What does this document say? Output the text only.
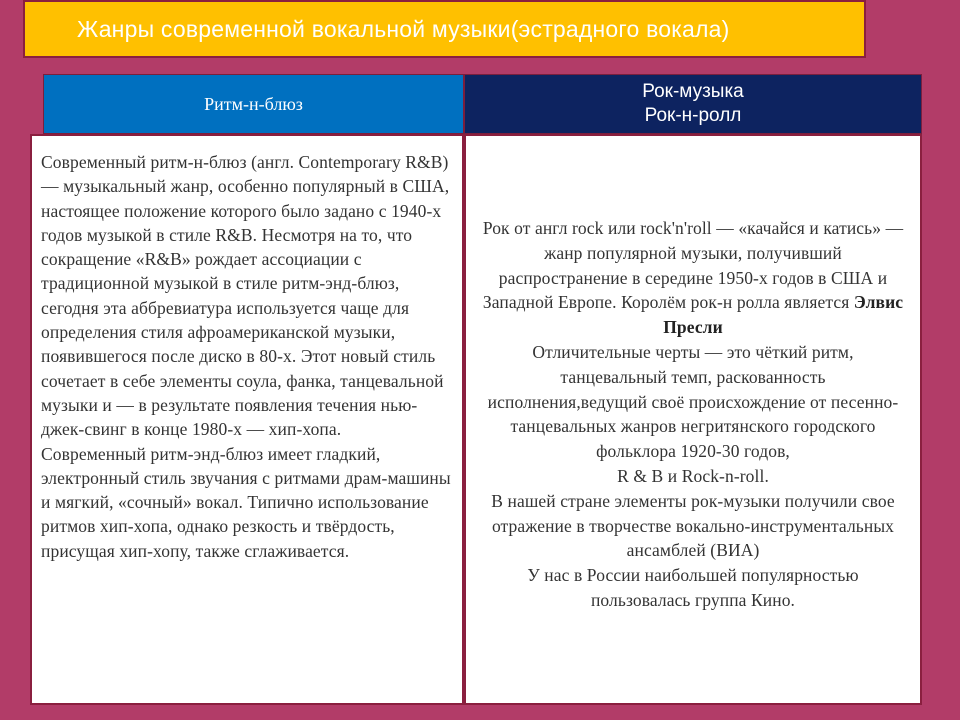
Жанры современной вокальной музыки(эстрадного вокала)
Ритм-н-блюз
Рок-музыка
Рок-н-ролл

Современный ритм-н-блюз (англ. Contemporary R&B) — музыкальный жанр, особенно популярный в США, настоящее положение которого было задано с 1940-х годов музыкой в стиле R&B. Несмотря на то, что сокращение «R&B» рождает ассоциации с традиционной музыкой в стиле ритм-энд-блюз, сегодня эта аббревиатура используется чаще для определения стиля афроамериканской музыки, появившегося после диско в 80-х. Этот новый стиль сочетает в себе элементы соула, фанка, танцевальной музыки и — в результате появления течения нью-джек-свинг в конце 1980-х — хип-хопа.

Современный ритм-энд-блюз имеет гладкий, электронный стиль звучания с ритмами драм-машины и мягкий, «сочный» вокал. Типично использование ритмов хип-хопа, однако резкость и твёрдость, присущая хип-хопу, также сглаживается.

Рок от англ rock или rock'n'roll — «качайся и катись» — жанр популярной музыки, получивший распространение в середине 1950-х годов в США и Западной Европе. Королём рок-н ролла является Элвис Пресли

Отличительные черты — это чёткий ритм, танцевальный темп, раскованность исполнения,ведущий своё происхождение от песенно-танцевальных жанров негритянского городского фольклора 1920-30 годов,

R & B и Rock-n-roll.

В нашей стране элементы рок-музыки получили свое отражение в творчестве вокально-инструментальных ансамблей (ВИА)

У нас в России наибольшей популярностью пользовалась группа Кино.
